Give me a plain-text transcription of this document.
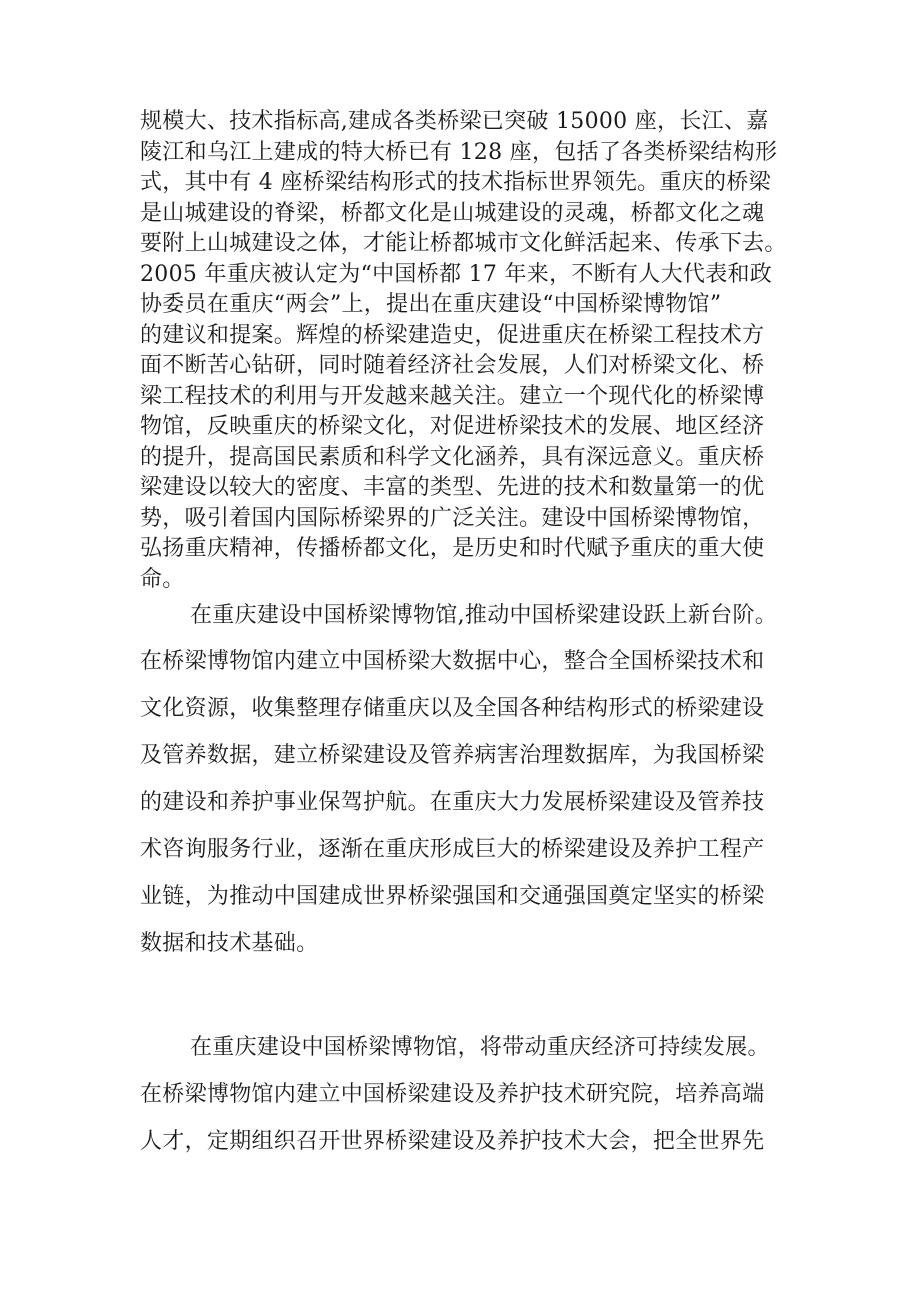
规模大、技术指标高,建成各类桥梁已突破 15000 座，长江、嘉
陵江和乌江上建成的特大桥已有 128 座，包括了各类桥梁结构形
式，其中有 4 座桥梁结构形式的技术指标世界领先。重庆的桥梁
是山城建设的脊梁，桥都文化是山城建设的灵魂，桥都文化之魂
要附上山城建设之体，才能让桥都城市文化鲜活起来、传承下去。
2005 年重庆被认定为“中国桥都 17 年来，不断有人大代表和政
协委员在重庆“两会”上，提出在重庆建设“中国桥梁博物馆”
的建议和提案。辉煌的桥梁建造史，促进重庆在桥梁工程技术方
面不断苦心钻研，同时随着经济社会发展，人们对桥梁文化、桥
梁工程技术的利用与开发越来越关注。建立一个现代化的桥梁博
物馆，反映重庆的桥梁文化，对促进桥梁技术的发展、地区经济
的提升，提高国民素质和科学文化涵养，具有深远意义。重庆桥
梁建设以较大的密度、丰富的类型、先进的技术和数量第一的优
势，吸引着国内国际桥梁界的广泛关注。建设中国桥梁博物馆，
弘扬重庆精神，传播桥都文化，是历史和时代赋予重庆的重大使
命。
在重庆建设中国桥梁博物馆,推动中国桥梁建设跃上新台阶。
在桥梁博物馆内建立中国桥梁大数据中心，整合全国桥梁技术和
文化资源，收集整理存储重庆以及全国各种结构形式的桥梁建设
及管养数据，建立桥梁建设及管养病害治理数据库，为我国桥梁
的建设和养护事业保驾护航。在重庆大力发展桥梁建设及管养技
术咨询服务行业，逐渐在重庆形成巨大的桥梁建设及养护工程产
业链，为推动中国建成世界桥梁强国和交通强国奠定坚实的桥梁
数据和技术基础。
在重庆建设中国桥梁博物馆，将带动重庆经济可持续发展。
在桥梁博物馆内建立中国桥梁建设及养护技术研究院，培养高端
人才，定期组织召开世界桥梁建设及养护技术大会，把全世界先
